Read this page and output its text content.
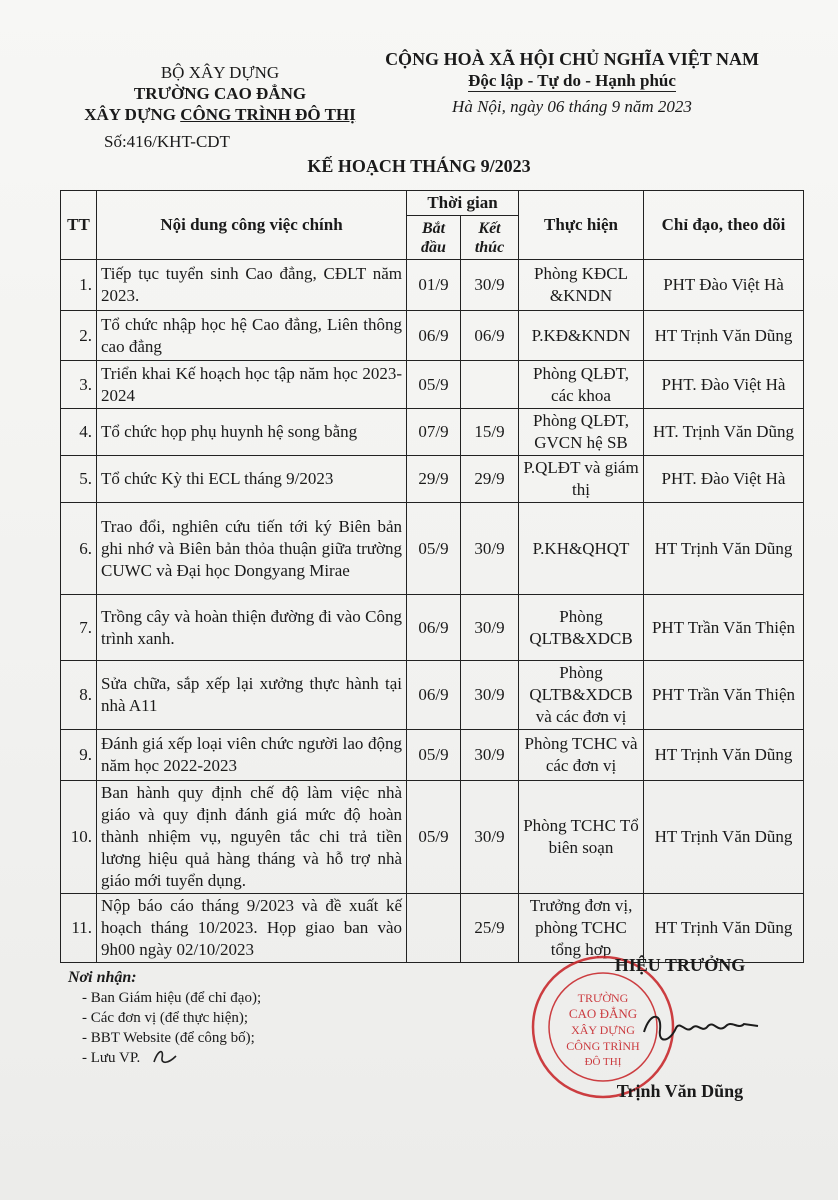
BỘ XÂY DỰNG
TRƯỜNG CAO ĐẲNG
XÂY DỰNG CÔNG TRÌNH ĐÔ THỊ
Số:416/KHT-CDT
CỘNG HOÀ XÃ HỘI CHỦ NGHĨA VIỆT NAM
Độc lập - Tự do - Hạnh phúc
Hà Nội, ngày 06 tháng 9 năm 2023
KẾ HOẠCH THÁNG 9/2023
TT	Nội dung công việc chính	Thời gian		Thực hiện	Chỉ đạo, theo dõi
		Bắt đầu	Kết thúc		
1.	Tiếp tục tuyển sinh Cao đẳng, CĐLT năm 2023.	01/9	30/9	Phòng KĐCL &KNDN	PHT Đào Việt Hà
2.	Tổ chức nhập học hệ Cao đẳng, Liên thông cao đẳng	06/9	06/9	P.KĐ&KNDN	HT Trịnh Văn Dũng
3.	Triển khai Kế hoạch học tập năm học 2023-2024	05/9		Phòng QLĐT, các khoa	PHT. Đào Việt Hà
4.	Tổ chức họp phụ huynh hệ song bằng	07/9	15/9	Phòng QLĐT, GVCN hệ SB	HT. Trịnh Văn Dũng
5.	Tổ chức Kỳ thi ECL tháng 9/2023	29/9	29/9	P.QLĐT và giám thị	PHT. Đào Việt Hà
6.	Trao đổi, nghiên cứu tiến tới ký Biên bản ghi nhớ và Biên bản thỏa thuận giữa trường CUWC và Đại học Dongyang Mirae	05/9	30/9	P.KH&QHQT	HT Trịnh Văn Dũng
7.	Trồng cây và hoàn thiện đường đi vào Công trình xanh.	06/9	30/9	Phòng QLTB&XDCB	PHT Trần Văn Thiện
8.	Sửa chữa, sắp xếp lại xưởng thực hành tại nhà A11	06/9	30/9	Phòng QLTB&XDCB và các đơn vị	PHT Trần Văn Thiện
9.	Đánh giá xếp loại viên chức người lao động năm học 2022-2023	05/9	30/9	Phòng TCHC và các đơn vị	HT Trịnh Văn Dũng
10.	Ban hành quy định chế độ làm việc nhà giáo và quy định đánh giá mức độ hoàn thành nhiệm vụ, nguyên tắc chi trả tiền lương hiệu quả hàng tháng và hỗ trợ nhà giáo mới tuyển dụng.	05/9	30/9	Phòng TCHC Tổ biên soạn	HT Trịnh Văn Dũng
11.	Nộp báo cáo tháng 9/2023 và đề xuất kế hoạch tháng 10/2023. Họp giao ban vào 9h00 ngày 02/10/2023		25/9	Trưởng đơn vị, phòng TCHC tổng hợp	HT Trịnh Văn Dũng
Nơi nhận:
- Ban Giám hiệu (để chỉ đạo);
- Các đơn vị (để thực hiện);
- BBT Website (để công bố);
- Lưu VP.
TRƯỜNG
CAO ĐẲNG
XÂY DỰNG
CÔNG TRÌNH
ĐÔ THỊ
HIỆU TRƯỞNG
Trịnh Văn Dũng
